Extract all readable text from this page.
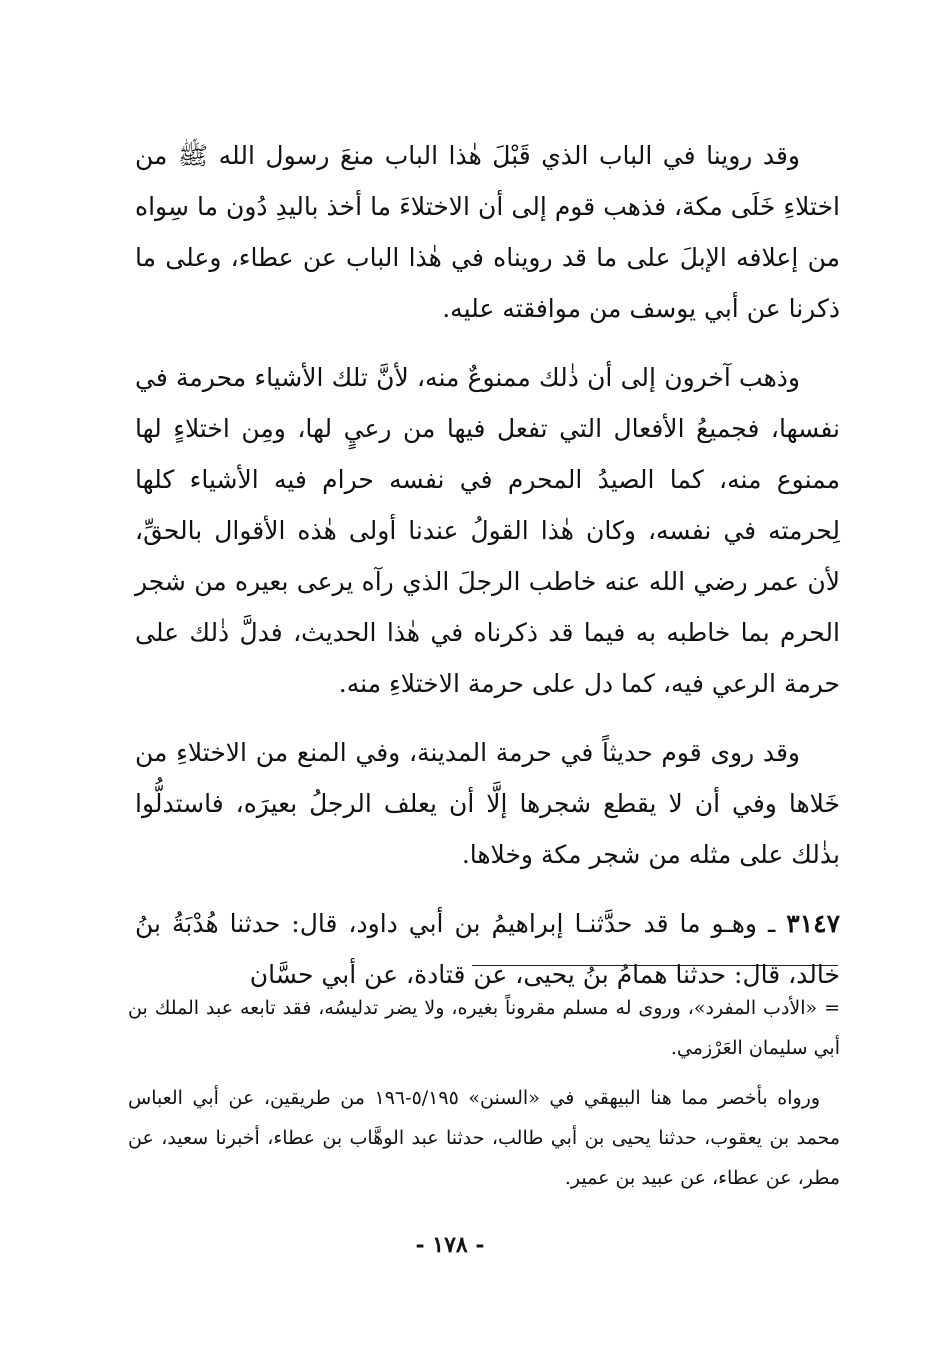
وقد روينا في الباب الذي قَبْلَ هٰذا الباب منعَ رسول الله ﷺ من اختلاءِ خَلَى مكة، فذهب قوم إلى أن الاختلاءَ ما أخذ باليدِ دُون ما سِواه من إعلافه الإبلَ على ما قد رويناه في هٰذا الباب عن عطاء، وعلى ما ذكرنا عن أبي يوسف من موافقته عليه.

وذهب آخرون إلى أن ذٰلك ممنوعٌ منه، لأنَّ تلك الأشياء محرمة في نفسها، فجميعُ الأفعال التي تفعل فيها من رعيٍ لها، ومِن اختلاءٍ لها ممنوع منه، كما الصيدُ المحرم في نفسه حرام فيه الأشياء كلها لِحرمته في نفسه، وكان هٰذا القولُ عندنا أولى هٰذه الأقوال بالحقِّ، لأن عمر رضي الله عنه خاطب الرجلَ الذي رآه يرعى بعيره من شجر الحرم بما خاطبه به فيما قد ذكرناه في هٰذا الحديث، فدلَّ ذٰلك على حرمة الرعي فيه، كما دل على حرمة الاختلاءِ منه.

وقد روى قوم حديثاً في حرمة المدينة، وفي المنع من الاختلاءِ من خَلاها وفي أن لا يقطع شجرها إلَّا أن يعلف الرجلُ بعيرَه، فاستدلُّوا بذٰلك على مثله من شجر مكة وخلاها.

٣١٤٧ ـ وهـو ما قد حدَّثنـا إبراهيمُ بن أبي داود، قال: حدثنا هُدْبَةُ بنُ خالد، قال: حدثنا همامُ بنُ يحيى، عن قتادة، عن أبي حسَّان

= «الأدب المفرد»، وروى له مسلم مقروناً بغيره، ولا يضر تدليسُه، فقد تابعه عبد الملك بن أبي سليمان العَرْزمي.

ورواه بأخصر مما هنا البيهقي في «السنن» ٥/١٩٥-١٩٦ من طريقين، عن أبي العباس محمد بن يعقوب، حدثنا يحيى بن أبي طالب، حدثنا عبد الوهَّاب بن عطاء، أخبرنا سعيد، عن مطر، عن عطاء، عن عبيد بن عمير.

- ١٧٨ -
